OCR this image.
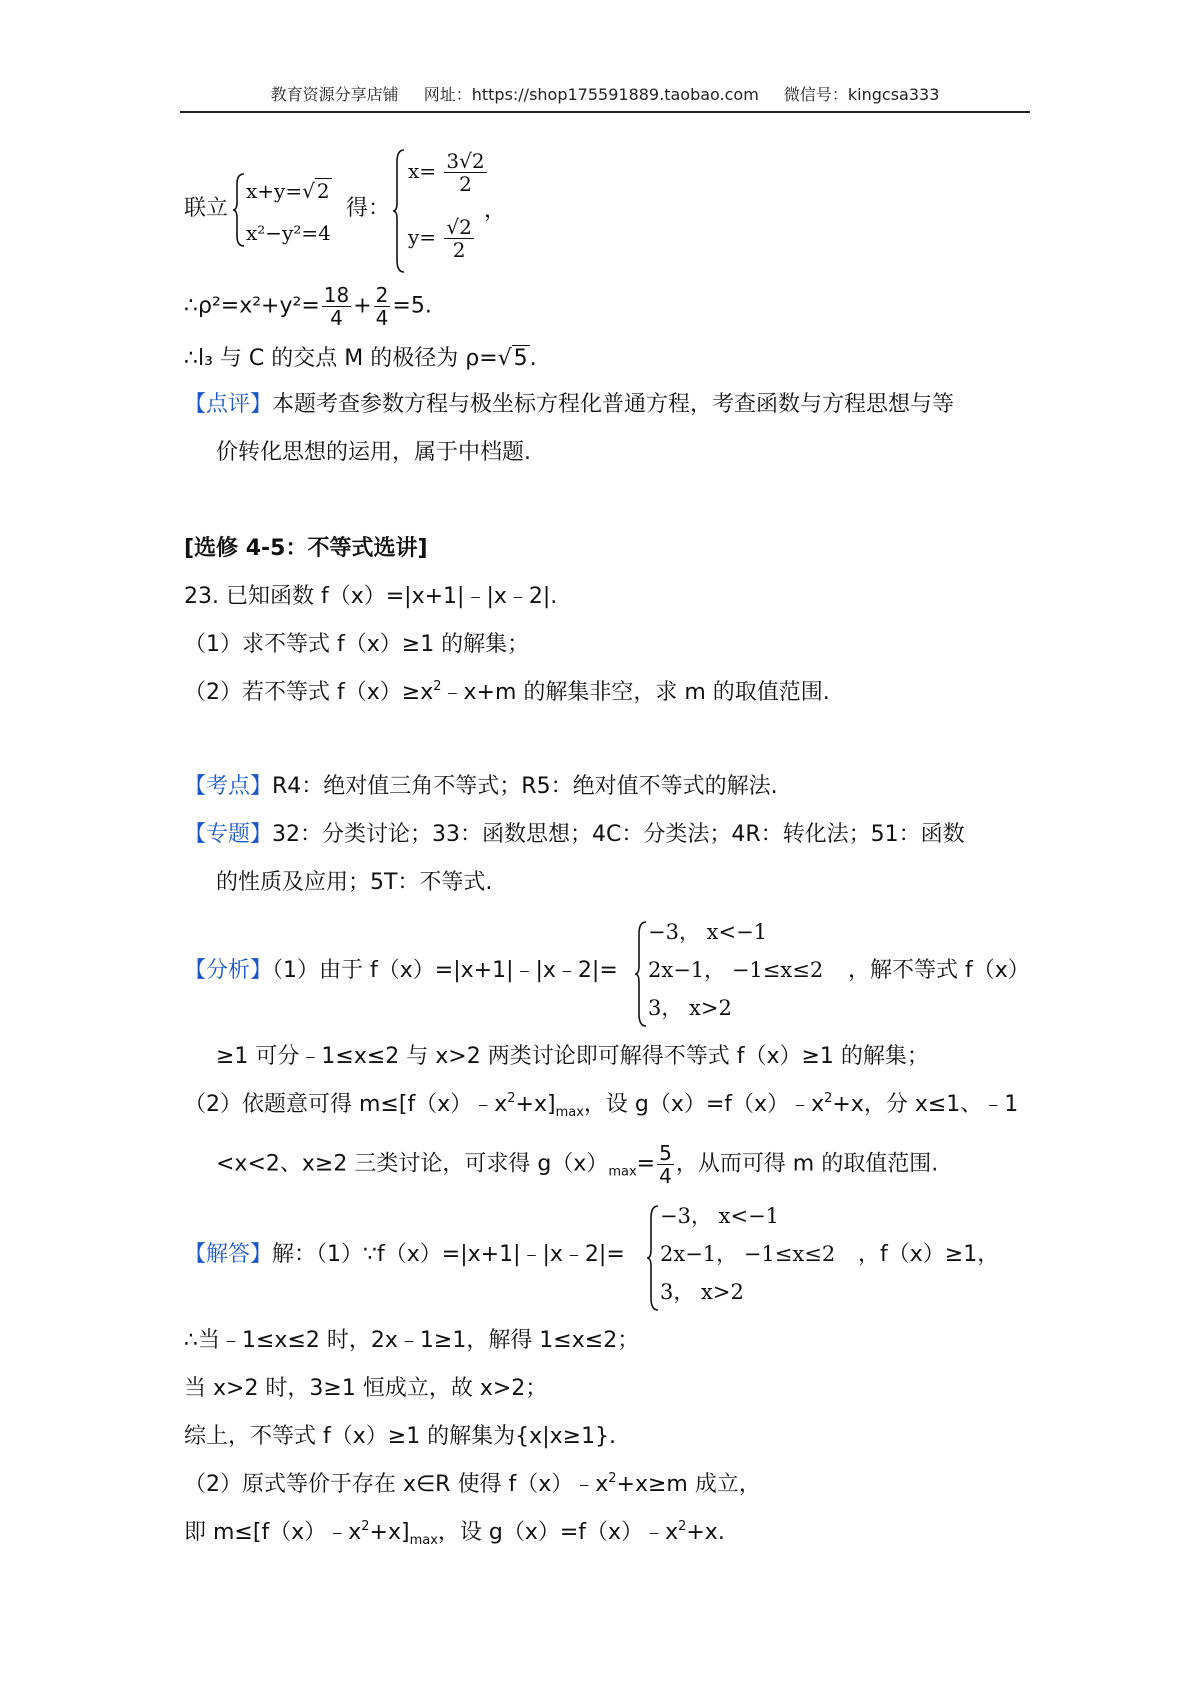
教育资源分享店铺 网址：https://shop175591889.taobao.com 微信号：kingcsa333
联立
x+y=√ 2
x²−y²=4
得：
$x= \frac{3√2}{2}$
$y= \frac{√2}{2}$
，
∴ρ²=x²+y²= $\frac{18}{4} + \frac{2}{4} =5$.
∴l₃ 与 C 的交点 M 的极径为 ρ=√5.
【点评】本题考查参数方程与极坐标方程化普通方程，考查函数与方程思想与等
价转化思想的运用，属于中档题.
[选修 4-5：不等式选讲]
23. 已知函数 f（x）=|x+1|﹣|x﹣2|.
（1）求不等式 f（x）≥1 的解集；
（2）若不等式 $f(x)\ge x^2﹣x+m$ 的解集非空，求 m 的取值范围.
【考点】R4：绝对值三角不等式；R5：绝对值不等式的解法.
【专题】32：分类讨论；33：函数思想；4C：分类法；4R：转化法；51：函数
的性质及应用；5T：不等式.
【分析】（1）由于 f（x）=|x+1|﹣|x﹣2|=
−3， x<−1
2x−1， −1≤x≤2
3， x>2
，解不等式 f（x）
≥1 可分﹣1≤x≤2 与 x>2 两类讨论即可解得不等式 f（x）≥1 的解集；
（2）依题意可得 $m\le[f(x)﹣x^2+x]_{max}$，设 $g(x)=f(x)﹣x^2+x$，分 x≤1、﹣1
<x<2、x≥2 三类讨论，可求得 $g(x)_{max}= \frac{5}{4}$ ，从而可得 m 的取值范围.
【解答】解：（1）∵f（x）=|x+1|﹣|x﹣2|=
−3， x<−1
2x−1， −1≤x≤2
3， x>2
，f（x）≥1，
∴当﹣1≤x≤2 时，2x﹣1≥1，解得 1≤x≤2；
当 x>2 时，3≥1 恒成立，故 x>2；
综上，不等式 f（x）≥1 的解集为{x|x≥1}.
（2）原式等价于存在 x∈R 使得 $f(x)﹣x^2+x\ge m$ 成立，
即 $m\le[f(x)﹣x^2+x]_{max}$，设 $g(x)=f(x)﹣x^2+x$.
